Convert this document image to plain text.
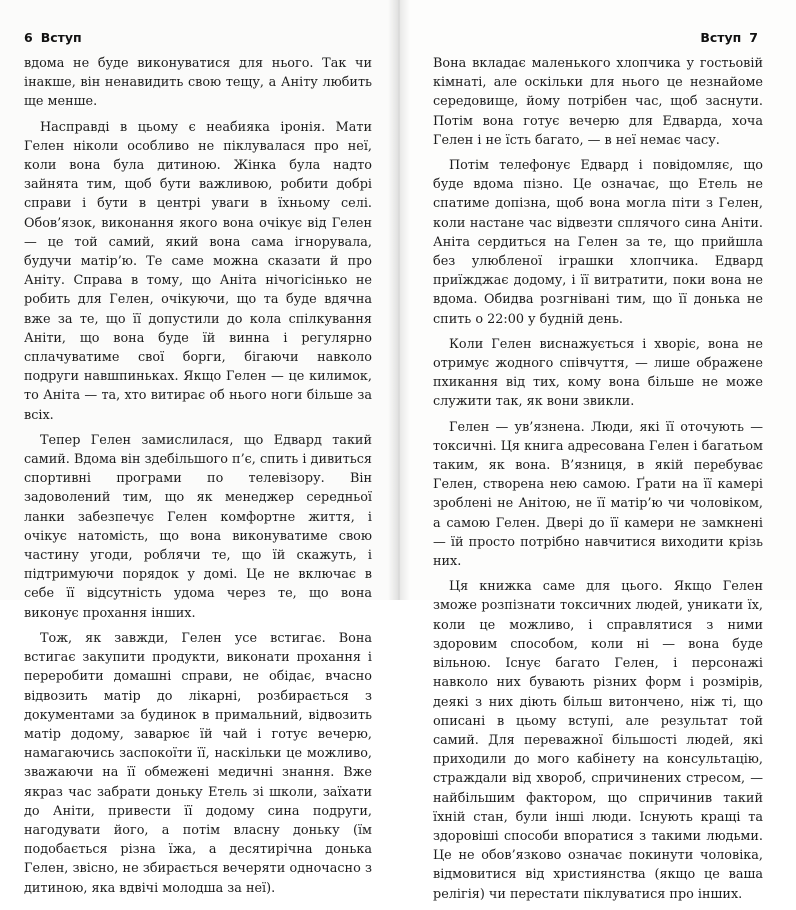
6 Вступ

вдома не буде виконуватися для нього. Так чи інакше, він ненавидить свою тещу, а Аніту любить ще менше.

Насправді в цьому є неабияка іронія. Мати Гелен ніколи особливо не піклувалася про неї, коли вона була дитиною. Жінка була надто зайнята тим, щоб бути важливою, робити добрі справи і бути в центрі уваги в їхньому селі. Обов’язок, виконання якого вона очікує від Гелен — це той самий, який вона сама ігнорувала, будучи матір’ю. Те саме можна сказати й про Аніту. Справа в тому, що Аніта нічогісінько не робить для Гелен, очікуючи, що та буде вдячна вже за те, що її допустили до кола спілкування Аніти, що вона буде їй винна і регулярно сплачуватиме свої борги, бігаючи навколо подруги навшпиньках. Якщо Гелен — це килимок, то Аніта — та, хто витирає об нього ноги більше за всіх.

Тепер Гелен замислилася, що Едвард такий самий. Вдома він здебільшого п’є, спить і дивиться спортивні програми по телевізору. Він задоволений тим, що як менеджер середньої ланки забезпечує Гелен комфортне життя, і очікує натомість, що вона виконуватиме свою частину угоди, роблячи те, що їй скажуть, і підтримуючи порядок у домі. Це не включає в себе її відсутність удома через те, що вона виконує прохання інших.

Тож, як завжди, Гелен усе встигає. Вона встигає закупити продукти, виконати прохання і переробити домашні справи, не обідає, вчасно відвозить матір до лікарні, розбирається з документами за будинок в примальний, відвозить матір додому, заварює їй чай і готує вечерю, намагаючись заспокоїти її, наскільки це можливо, зважаючи на її обмежені медичні знання. Вже якраз час забрати доньку Етель зі школи, заїхати до Аніти, привести її додому сина подруги, нагодувати його, а потім власну доньку (їм подобається різна їжа, а десятирічна донька Гелен, звісно, не збирається вечеряти одночасно з дитиною, яка вдвічі молодша за неї).

Вступ 7

Вона вкладає маленького хлопчика у гостьовій кімнаті, але оскільки для нього це незнайоме середовище, йому потрібен час, щоб заснути. Потім вона готує вечерю для Едварда, хоча Гелен і не їсть багато, — в неї немає часу.

Потім телефонує Едвард і повідомляє, що буде вдома пізно. Це означає, що Етель не спатиме допізна, щоб вона могла піти з Гелен, коли настане час відвезти сплячого сина Аніти. Аніта сердиться на Гелен за те, що прийшла без улюбленої іграшки хлопчика. Едвард приїжджає додому, і її витратити, поки вона не вдома. Обидва розгнівані тим, що її донька не спить о 22:00 у будній день.

Коли Гелен виснажується і хворіє, вона не отримує жодного співчуття, — лише ображене пхикання від тих, кому вона більше не може служити так, як вони звикли.

Гелен — ув’язнена. Люди, які її оточують — токсичні. Ця книга адресована Гелен і багатьом таким, як вона. В’язниця, в якій перебуває Гелен, створена нею самою. Ґрати на її камері зроблені не Анітою, не її матір’ю чи чоловіком, а самою Гелен. Двері до її камери не замкнені — їй просто потрібно навчитися виходити крізь них.

Ця книжка саме для цього. Якщо Гелен зможе розпізнати токсичних людей, уникати їх, коли це можливо, і справлятися з ними здоровим способом, коли ні — вона буде вільною. Існує багато Гелен, і персонажі навколо них бувають різних форм і розмірів, деякі з них діють більш витончено, ніж ті, що описані в цьому вступі, але результат той самий. Для переважної більшості людей, які приходили до мого кабінету на консультацію, страждали від хвороб, спричинених стресом, — найбільшим фактором, що спричинив такий їхній стан, були інші люди. Існують кращі та здоровіші способи впоратися з такими людьми. Це не обов’язково означає покинути чоловіка, відмовитися від християнства (якщо це ваша релігія) чи перестати піклуватися про інших.
